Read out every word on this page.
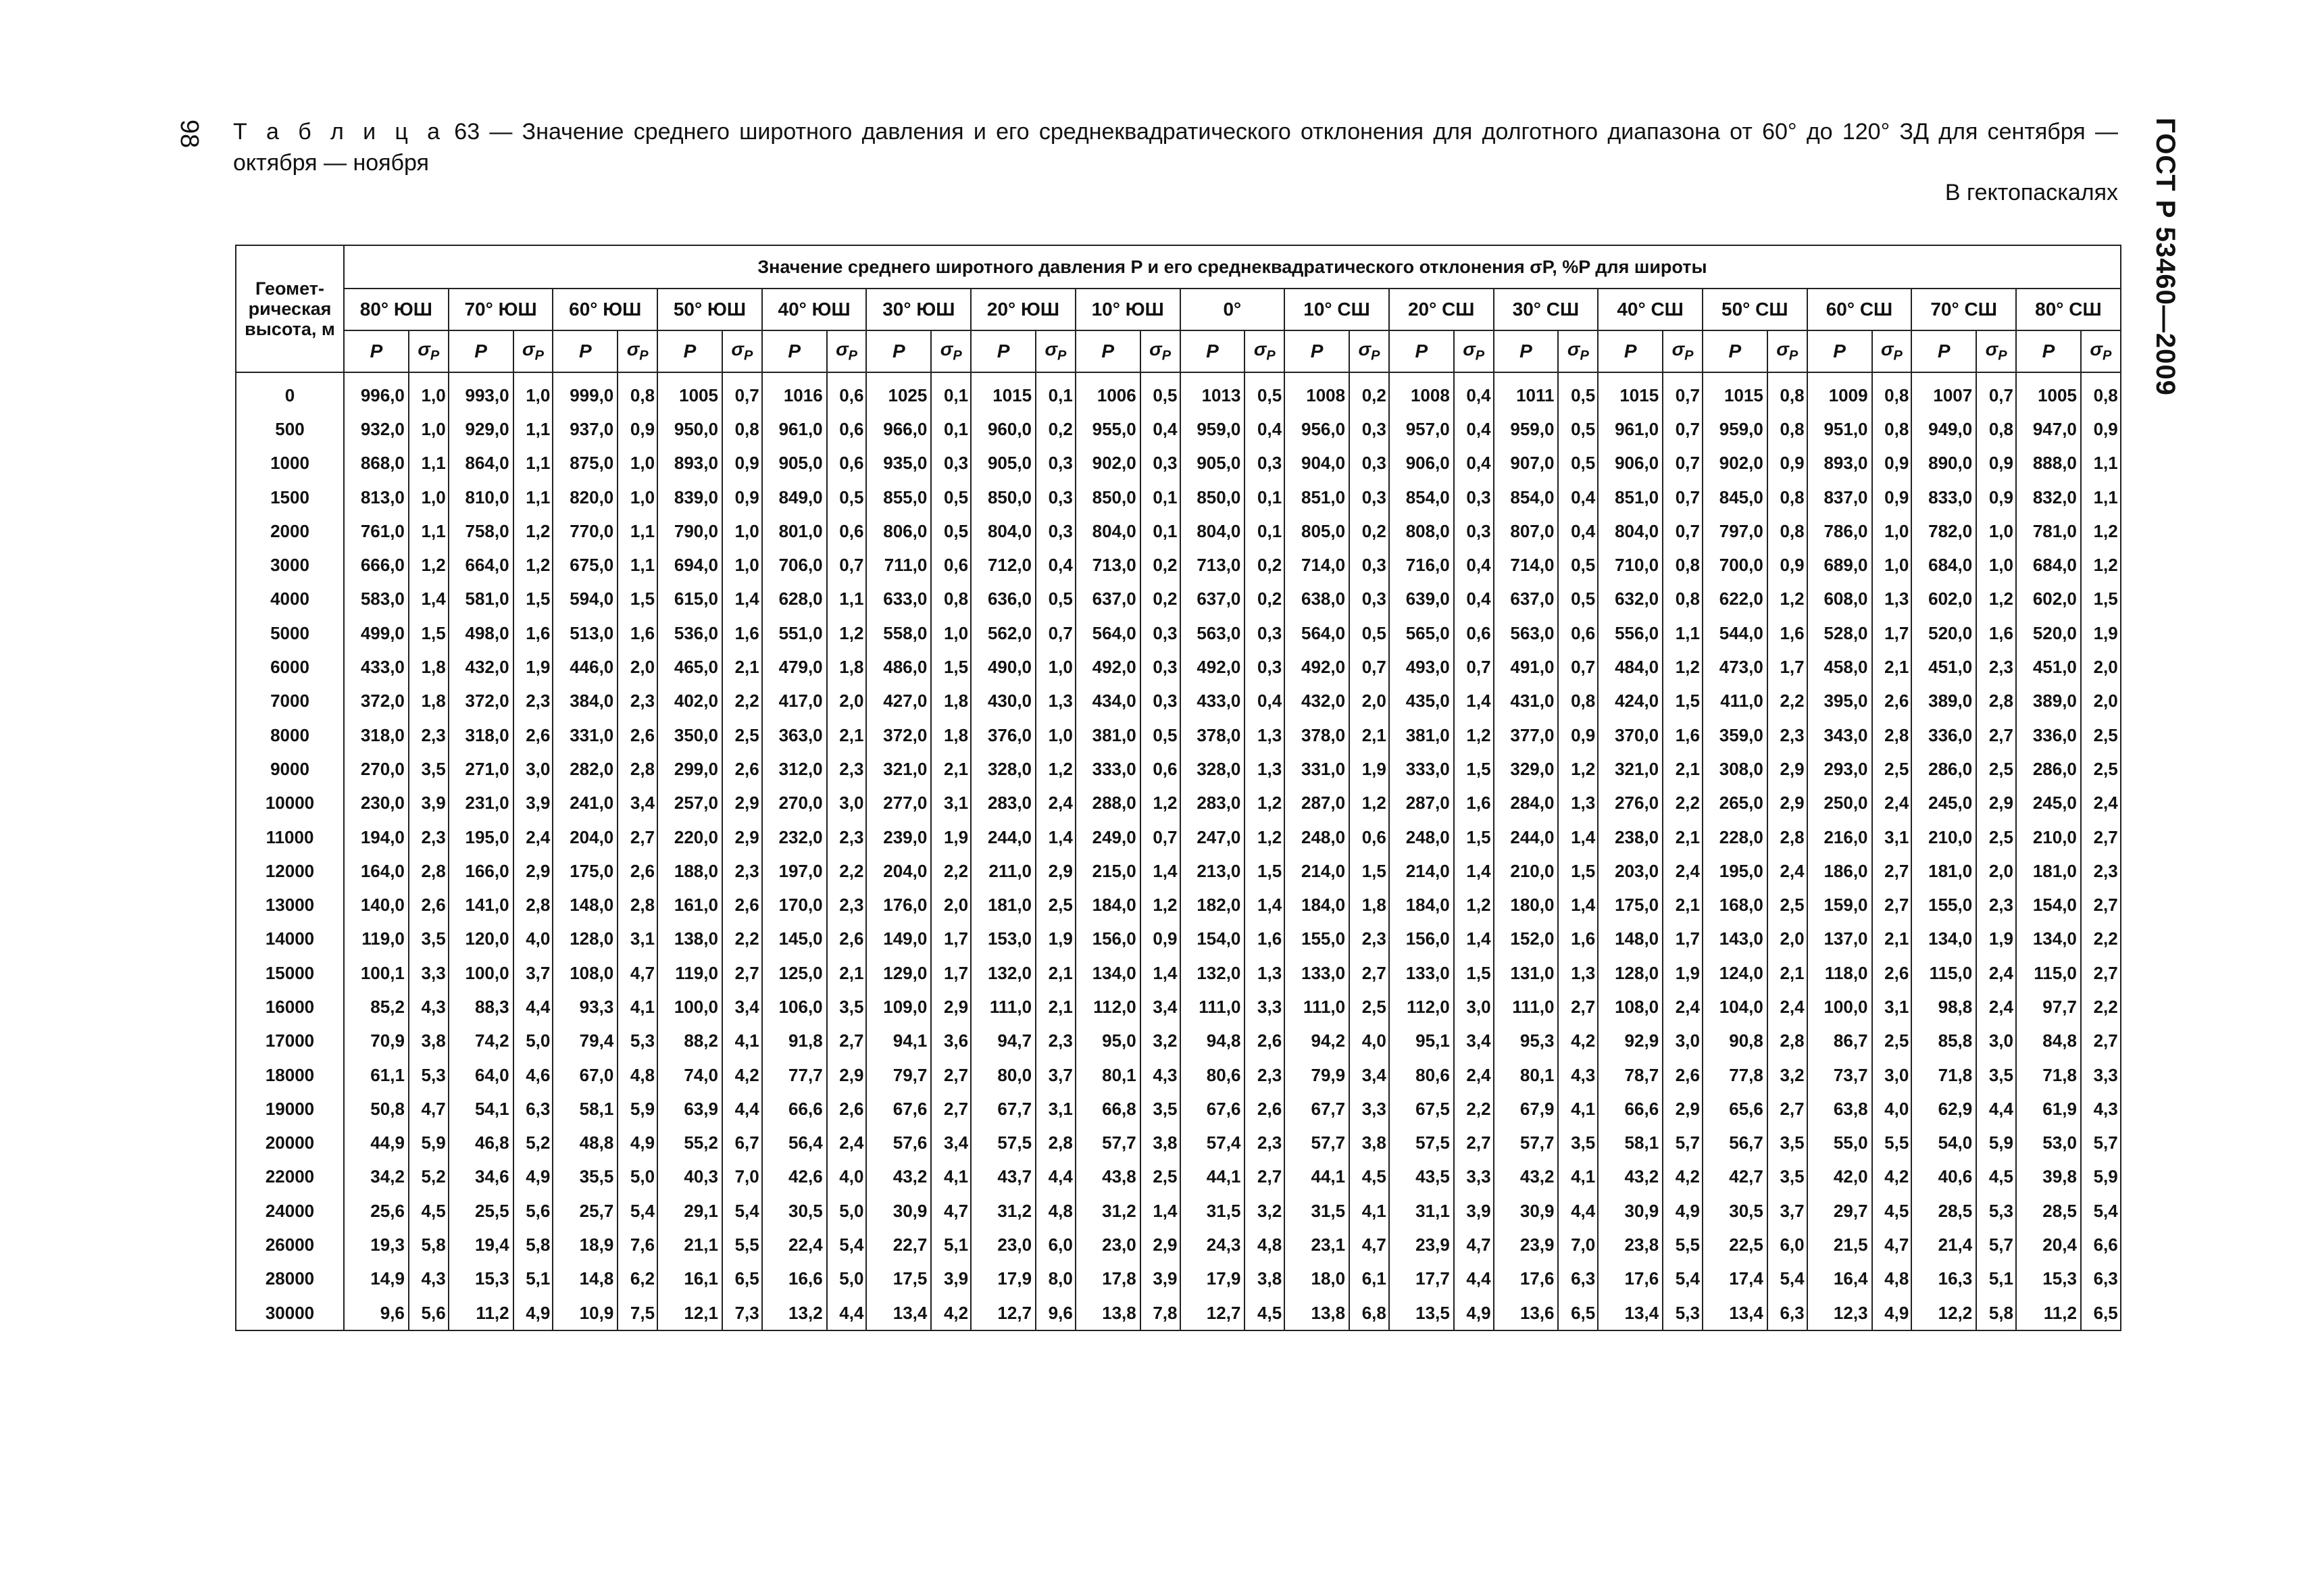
98	ГОСТ Р 53460—2009
Т а б л и ц а 63 — Значение среднего широтного давления и его среднеквадратического отклонения для долготного диапазона от 60° до 120° ЗД для сентября — октября — ноября
В гектопаскалях
Геомет-рическая высота, м	Значение среднего широтного давления P и его среднеквадратического отклонения σP, %P для широты																																	
	80° ЮШ		70° ЮШ		60° ЮШ		50° ЮШ		40° ЮШ		30° ЮШ		20° ЮШ		10° ЮШ		0°		10° СШ		20° СШ		30° СШ		40° СШ		50° СШ		60° СШ		70° СШ		80° СШ	
	P	$\sigma_P$	P	$\sigma_P$	P	$\sigma_P$	P	$\sigma_P$	P	$\sigma_P$	P	$\sigma_P$	P	$\sigma_P$	P	$\sigma_P$	P	$\sigma_P$	P	$\sigma_P$	P	$\sigma_P$	P	$\sigma_P$	P	$\sigma_P$	P	$\sigma_P$	P	$\sigma_P$	P	$\sigma_P$	P	$\sigma_P$
0	996,0	1,0	993,0	1,0	999,0	0,8	1005	0,7	1016	0,6	1025	0,1	1015	0,1	1006	0,5	1013	0,5	1008	0,2	1008	0,4	1011	0,5	1015	0,7	1015	0,8	1009	0,8	1007	0,7	1005	0,8
500	932,0	1,0	929,0	1,1	937,0	0,9	950,0	0,8	961,0	0,6	966,0	0,1	960,0	0,2	955,0	0,4	959,0	0,4	956,0	0,3	957,0	0,4	959,0	0,5	961,0	0,7	959,0	0,8	951,0	0,8	949,0	0,8	947,0	0,9
1000	868,0	1,1	864,0	1,1	875,0	1,0	893,0	0,9	905,0	0,6	935,0	0,3	905,0	0,3	902,0	0,3	905,0	0,3	904,0	0,3	906,0	0,4	907,0	0,5	906,0	0,7	902,0	0,9	893,0	0,9	890,0	0,9	888,0	1,1
1500	813,0	1,0	810,0	1,1	820,0	1,0	839,0	0,9	849,0	0,5	855,0	0,5	850,0	0,3	850,0	0,1	850,0	0,1	851,0	0,3	854,0	0,3	854,0	0,4	851,0	0,7	845,0	0,8	837,0	0,9	833,0	0,9	832,0	1,1
2000	761,0	1,1	758,0	1,2	770,0	1,1	790,0	1,0	801,0	0,6	806,0	0,5	804,0	0,3	804,0	0,1	804,0	0,1	805,0	0,2	808,0	0,3	807,0	0,4	804,0	0,7	797,0	0,8	786,0	1,0	782,0	1,0	781,0	1,2
3000	666,0	1,2	664,0	1,2	675,0	1,1	694,0	1,0	706,0	0,7	711,0	0,6	712,0	0,4	713,0	0,2	713,0	0,2	714,0	0,3	716,0	0,4	714,0	0,5	710,0	0,8	700,0	0,9	689,0	1,0	684,0	1,0	684,0	1,2
4000	583,0	1,4	581,0	1,5	594,0	1,5	615,0	1,4	628,0	1,1	633,0	0,8	636,0	0,5	637,0	0,2	637,0	0,2	638,0	0,3	639,0	0,4	637,0	0,5	632,0	0,8	622,0	1,2	608,0	1,3	602,0	1,2	602,0	1,5
5000	499,0	1,5	498,0	1,6	513,0	1,6	536,0	1,6	551,0	1,2	558,0	1,0	562,0	0,7	564,0	0,3	563,0	0,3	564,0	0,5	565,0	0,6	563,0	0,6	556,0	1,1	544,0	1,6	528,0	1,7	520,0	1,6	520,0	1,9
6000	433,0	1,8	432,0	1,9	446,0	2,0	465,0	2,1	479,0	1,8	486,0	1,5	490,0	1,0	492,0	0,3	492,0	0,3	492,0	0,7	493,0	0,7	491,0	0,7	484,0	1,2	473,0	1,7	458,0	2,1	451,0	2,3	451,0	2,0
7000	372,0	1,8	372,0	2,3	384,0	2,3	402,0	2,2	417,0	2,0	427,0	1,8	430,0	1,3	434,0	0,3	433,0	0,4	432,0	2,0	435,0	1,4	431,0	0,8	424,0	1,5	411,0	2,2	395,0	2,6	389,0	2,8	389,0	2,0
8000	318,0	2,3	318,0	2,6	331,0	2,6	350,0	2,5	363,0	2,1	372,0	1,8	376,0	1,0	381,0	0,5	378,0	1,3	378,0	2,1	381,0	1,2	377,0	0,9	370,0	1,6	359,0	2,3	343,0	2,8	336,0	2,7	336,0	2,5
9000	270,0	3,5	271,0	3,0	282,0	2,8	299,0	2,6	312,0	2,3	321,0	2,1	328,0	1,2	333,0	0,6	328,0	1,3	331,0	1,9	333,0	1,5	329,0	1,2	321,0	2,1	308,0	2,9	293,0	2,5	286,0	2,5	286,0	2,5
10000	230,0	3,9	231,0	3,9	241,0	3,4	257,0	2,9	270,0	3,0	277,0	3,1	283,0	2,4	288,0	1,2	283,0	1,2	287,0	1,2	287,0	1,6	284,0	1,3	276,0	2,2	265,0	2,9	250,0	2,4	245,0	2,9	245,0	2,4
11000	194,0	2,3	195,0	2,4	204,0	2,7	220,0	2,9	232,0	2,3	239,0	1,9	244,0	1,4	249,0	0,7	247,0	1,2	248,0	0,6	248,0	1,5	244,0	1,4	238,0	2,1	228,0	2,8	216,0	3,1	210,0	2,5	210,0	2,7
12000	164,0	2,8	166,0	2,9	175,0	2,6	188,0	2,3	197,0	2,2	204,0	2,2	211,0	2,9	215,0	1,4	213,0	1,5	214,0	1,5	214,0	1,4	210,0	1,5	203,0	2,4	195,0	2,4	186,0	2,7	181,0	2,0	181,0	2,3
13000	140,0	2,6	141,0	2,8	148,0	2,8	161,0	2,6	170,0	2,3	176,0	2,0	181,0	2,5	184,0	1,2	182,0	1,4	184,0	1,8	184,0	1,2	180,0	1,4	175,0	2,1	168,0	2,5	159,0	2,7	155,0	2,3	154,0	2,7
14000	119,0	3,5	120,0	4,0	128,0	3,1	138,0	2,2	145,0	2,6	149,0	1,7	153,0	1,9	156,0	0,9	154,0	1,6	155,0	2,3	156,0	1,4	152,0	1,6	148,0	1,7	143,0	2,0	137,0	2,1	134,0	1,9	134,0	2,2
15000	100,1	3,3	100,0	3,7	108,0	4,7	119,0	2,7	125,0	2,1	129,0	1,7	132,0	2,1	134,0	1,4	132,0	1,3	133,0	2,7	133,0	1,5	131,0	1,3	128,0	1,9	124,0	2,1	118,0	2,6	115,0	2,4	115,0	2,7
16000	85,2	4,3	88,3	4,4	93,3	4,1	100,0	3,4	106,0	3,5	109,0	2,9	111,0	2,1	112,0	3,4	111,0	3,3	111,0	2,5	112,0	3,0	111,0	2,7	108,0	2,4	104,0	2,4	100,0	3,1	98,8	2,4	97,7	2,2
17000	70,9	3,8	74,2	5,0	79,4	5,3	88,2	4,1	91,8	2,7	94,1	3,6	94,7	2,3	95,0	3,2	94,8	2,6	94,2	4,0	95,1	3,4	95,3	4,2	92,9	3,0	90,8	2,8	86,7	2,5	85,8	3,0	84,8	2,7
18000	61,1	5,3	64,0	4,6	67,0	4,8	74,0	4,2	77,7	2,9	79,7	2,7	80,0	3,7	80,1	4,3	80,6	2,3	79,9	3,4	80,6	2,4	80,1	4,3	78,7	2,6	77,8	3,2	73,7	3,0	71,8	3,5	71,8	3,3
19000	50,8	4,7	54,1	6,3	58,1	5,9	63,9	4,4	66,6	2,6	67,6	2,7	67,7	3,1	66,8	3,5	67,6	2,6	67,7	3,3	67,5	2,2	67,9	4,1	66,6	2,9	65,6	2,7	63,8	4,0	62,9	4,4	61,9	4,3
20000	44,9	5,9	46,8	5,2	48,8	4,9	55,2	6,7	56,4	2,4	57,6	3,4	57,5	2,8	57,7	3,8	57,4	2,3	57,7	3,8	57,5	2,7	57,7	3,5	58,1	5,7	56,7	3,5	55,0	5,5	54,0	5,9	53,0	5,7
22000	34,2	5,2	34,6	4,9	35,5	5,0	40,3	7,0	42,6	4,0	43,2	4,1	43,7	4,4	43,8	2,5	44,1	2,7	44,1	4,5	43,5	3,3	43,2	4,1	43,2	4,2	42,7	3,5	42,0	4,2	40,6	4,5	39,8	5,9
24000	25,6	4,5	25,5	5,6	25,7	5,4	29,1	5,4	30,5	5,0	30,9	4,7	31,2	4,8	31,2	1,4	31,5	3,2	31,5	4,1	31,1	3,9	30,9	4,4	30,9	4,9	30,5	3,7	29,7	4,5	28,5	5,3	28,5	5,4
26000	19,3	5,8	19,4	5,8	18,9	7,6	21,1	5,5	22,4	5,4	22,7	5,1	23,0	6,0	23,0	2,9	24,3	4,8	23,1	4,7	23,9	4,7	23,9	7,0	23,8	5,5	22,5	6,0	21,5	4,7	21,4	5,7	20,4	6,6
28000	14,9	4,3	15,3	5,1	14,8	6,2	16,1	6,5	16,6	5,0	17,5	3,9	17,9	8,0	17,8	3,9	17,9	3,8	18,0	6,1	17,7	4,4	17,6	6,3	17,6	5,4	17,4	5,4	16,4	4,8	16,3	5,1	15,3	6,3
30000	9,6	5,6	11,2	4,9	10,9	7,5	12,1	7,3	13,2	4,4	13,4	4,2	12,7	9,6	13,8	7,8	12,7	4,5	13,8	6,8	13,5	4,9	13,6	6,5	13,4	5,3	13,4	6,3	12,3	4,9	12,2	5,8	11,2	6,5
